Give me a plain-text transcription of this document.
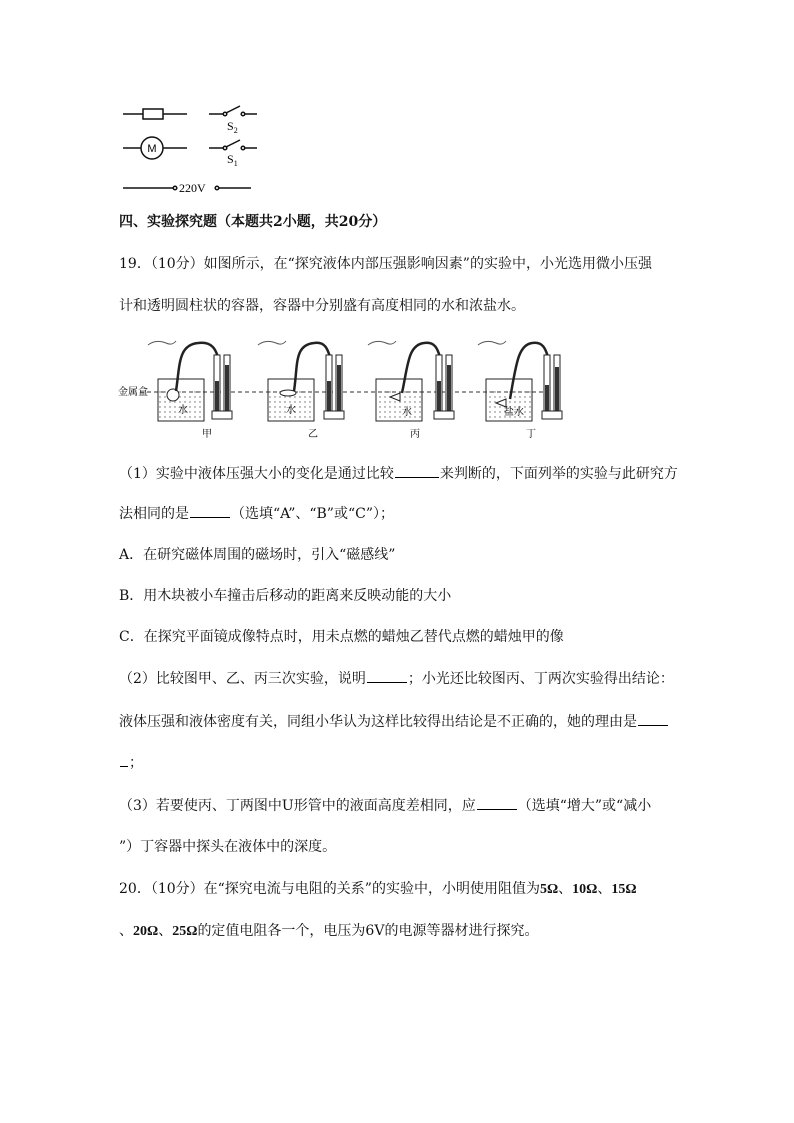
$S_2$
M
$S_1$
220V
四、实验探究题（本题共2小题，共20分）
19．（10分）如图所示，在“探究液体内部压强影响因素”的实验中，小光选用微小压强
计和透明圆柱状的容器，容器中分别盛有高度相同的水和浓盐水。
金属盒
水
甲
水
乙
水
丙
盐水
丁
（1）实验中液体压强大小的变化是通过比较	来判断的，下面列举的实验与此研究方
法相同的是	（选填“A”、“B”或“C”）；
A．在研究磁体周围的磁场时，引入“磁感线”
B．用木块被小车撞击后移动的距离来反映动能的大小
C．在探究平面镜成像特点时，用未点燃的蜡烛乙替代点燃的蜡烛甲的像
（2）比较图甲、乙、丙三次实验，说明	；小光还比较图丙、丁两次实验得出结论：
液体压强和液体密度有关，同组小华认为这样比较得出结论是不正确的，她的理由是
；
（3）若要使丙、丁两图中U形管中的液面高度差相同，应	（选填“增大”或“减小
”）丁容器中探头在液体中的深度。
20．（10分）在“探究电流与电阻的关系”的实验中，小明使用阻值为5Ω、10Ω、15Ω
、20Ω、25Ω的定值电阻各一个，电压为6V的电源等器材进行探究。
